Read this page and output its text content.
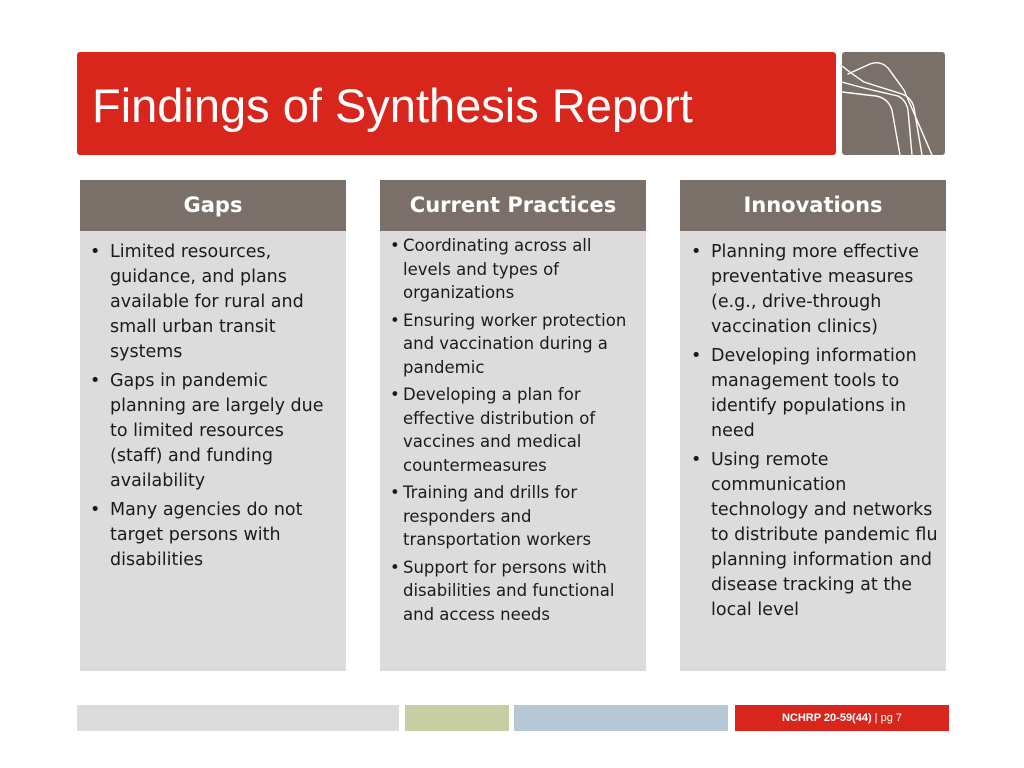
Findings of Synthesis Report
Gaps
• Limited resources, guidance, and plans available for rural and small urban transit systems
• Gaps in pandemic planning are largely due to limited resources (staff) and funding availability
• Many agencies do not target persons with disabilities
Current Practices
• Coordinating across all levels and types of organizations
• Ensuring worker protection and vaccination during a pandemic
• Developing a plan for effective distribution of vaccines and medical countermeasures
• Training and drills for responders and transportation workers
• Support for persons with disabilities and functional and access needs
Innovations
• Planning more effective preventative measures (e.g., drive-through vaccination clinics)
• Developing information management tools to identify populations in need
• Using remote communication technology and networks to distribute pandemic flu planning information and disease tracking at the local level
NCHRP 20-59(44) | pg 7
